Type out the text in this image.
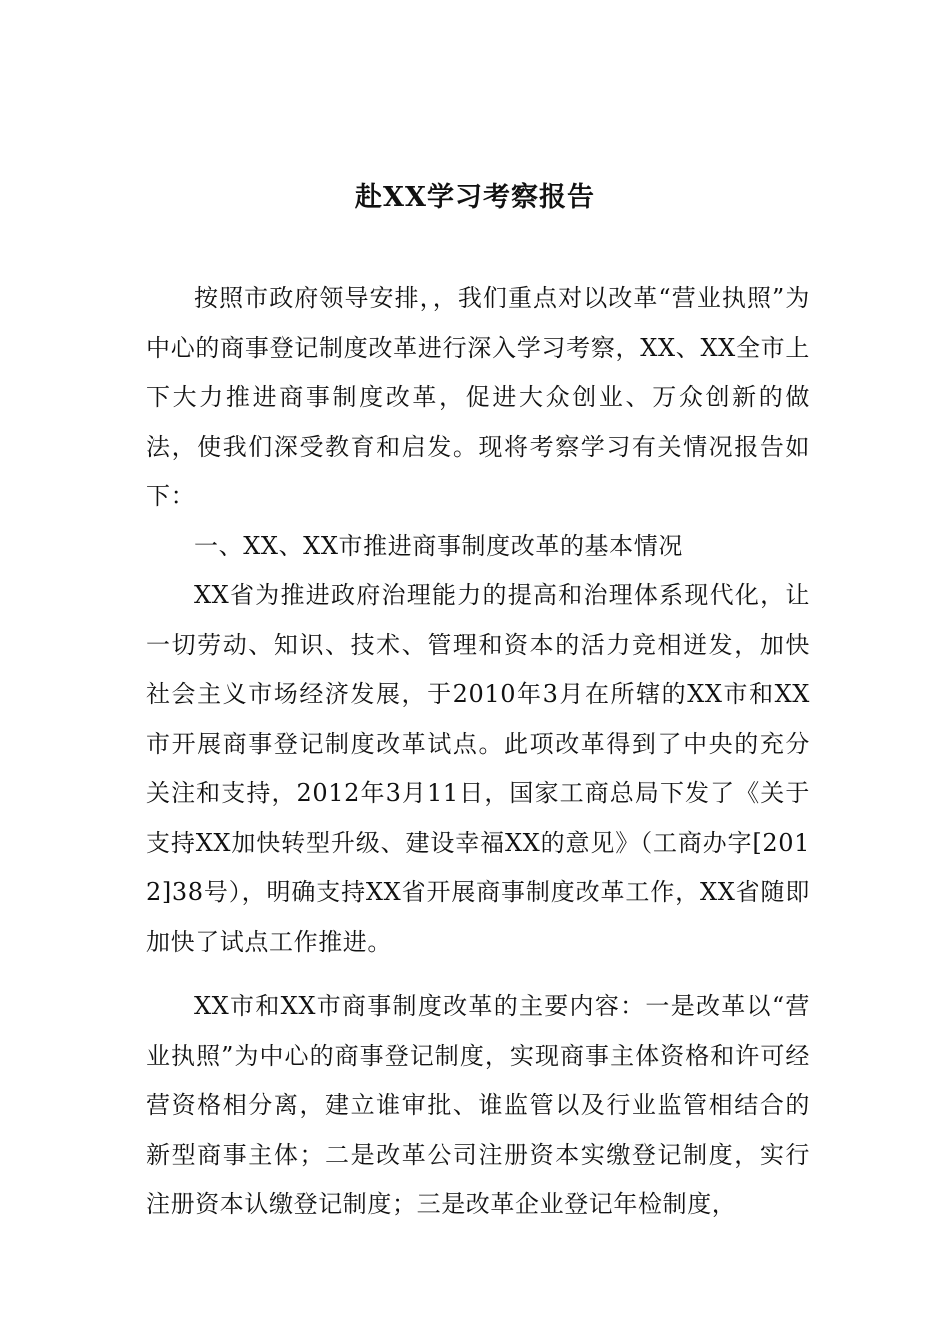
赴XX学习考察报告

按照市政府领导安排，，我们重点对以改革“营业执照”为中心的商事登记制度改革进行深入学习考察，XX、XX全市上下大力推进商事制度改革，促进大众创业、万众创新的做法，使我们深受教育和启发。现将考察学习有关情况报告如下：

一、XX、XX市推进商事制度改革的基本情况

XX省为推进政府治理能力的提高和治理体系现代化，让一切劳动、知识、技术、管理和资本的活力竞相迸发，加快社会主义市场经济发展，于2010年3月在所辖的XX市和XX市开展商事登记制度改革试点。此项改革得到了中央的充分关注和支持，2012年3月11日，国家工商总局下发了《关于支持XX加快转型升级、建设幸福XX的意见》（工商办字[2012]38号），明确支持XX省开展商事制度改革工作，XX省随即加快了试点工作推进。

XX市和XX市商事制度改革的主要内容：一是改革以“营业执照”为中心的商事登记制度，实现商事主体资格和许可经营资格相分离，建立谁审批、谁监管以及行业监管相结合的新型商事主体；二是改革公司注册资本实缴登记制度，实行注册资本认缴登记制度；三是改革企业登记年检制度，
